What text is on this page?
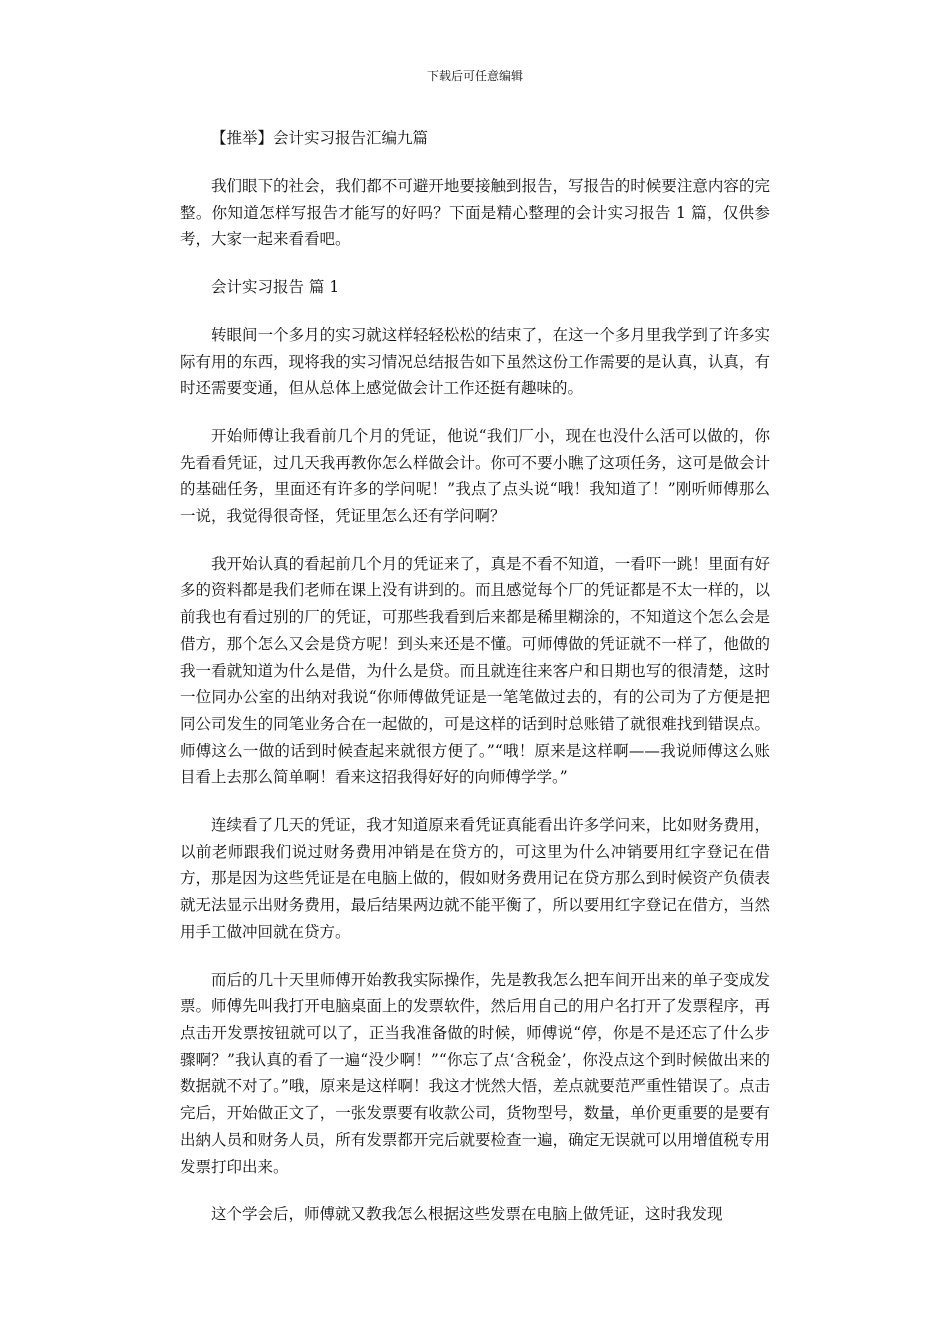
下载后可任意编辑
【推举】会计实习报告汇编九篇

我们眼下的社会，我们都不可避开地要接触到报告，写报告的时候要注意内容的完整。你知道怎样写报告才能写的好吗？下面是精心整理的会计实习报告 1 篇，仅供参考，大家一起来看看吧。

会计实习报告 篇 1

转眼间一个多月的实习就这样轻轻松松的结束了，在这一个多月里我学到了许多实际有用的东西，现将我的实习情况总结报告如下虽然这份工作需要的是认真，认真，有时还需要变通，但从总体上感觉做会计工作还挺有趣味的。

开始师傅让我看前几个月的凭证，他说“我们厂小，现在也没什么活可以做的，你先看看凭证，过几天我再教你怎么样做会计。你可不要小瞧了这项任务，这可是做会计的基础任务，里面还有许多的学问呢！”我点了点头说“哦！我知道了！”刚听师傅那么一说，我觉得很奇怪，凭证里怎么还有学问啊？

我开始认真的看起前几个月的凭证来了，真是不看不知道，一看吓一跳！里面有好多的资料都是我们老师在课上没有讲到的。而且感觉每个厂的凭证都是不太一样的，以前我也有看过别的厂的凭证，可那些我看到后来都是稀里糊涂的，不知道这个怎么会是借方，那个怎么又会是贷方呢！到头来还是不懂。可师傅做的凭证就不一样了，他做的我一看就知道为什么是借，为什么是贷。而且就连往来客户和日期也写的很清楚，这时一位同办公室的出纳对我说“你师傅做凭证是一笔笔做过去的，有的公司为了方便是把同公司发生的同笔业务合在一起做的，可是这样的话到时总账错了就很难找到错误点。师傅这么一做的话到时候查起来就很方便了。”“哦！原来是这样啊——我说师傅这么账目看上去那么简单啊！看来这招我得好好的向师傅学学。”

连续看了几天的凭证，我才知道原来看凭证真能看出许多学问来，比如财务费用，以前老师跟我们说过财务费用冲销是在贷方的，可这里为什么冲销要用红字登记在借方，那是因为这些凭证是在电脑上做的，假如财务费用记在贷方那么到时候资产负债表就无法显示出财务费用，最后结果两边就不能平衡了，所以要用红字登记在借方，当然用手工做冲回就在贷方。

而后的几十天里师傅开始教我实际操作，先是教我怎么把车间开出来的单子变成发票。师傅先叫我打开电脑桌面上的发票软件，然后用自己的用户名打开了发票程序，再点击开发票按钮就可以了，正当我准备做的时候，师傅说“停，你是不是还忘了什么步骤啊？”我认真的看了一遍“没少啊！”“你忘了点‘含税金’，你没点这个到时候做出来的数据就不对了。”哦，原来是这样啊！我这才恍然大悟，差点就要范严重性错误了。点击完后，开始做正文了，一张发票要有收款公司，货物型号，数量，单价更重要的是要有出納人员和财务人员，所有发票都开完后就要检查一遍，确定无误就可以用增值税专用发票打印出来。

这个学会后，师傅就又教我怎么根据这些发票在电脑上做凭证，这时我发现
